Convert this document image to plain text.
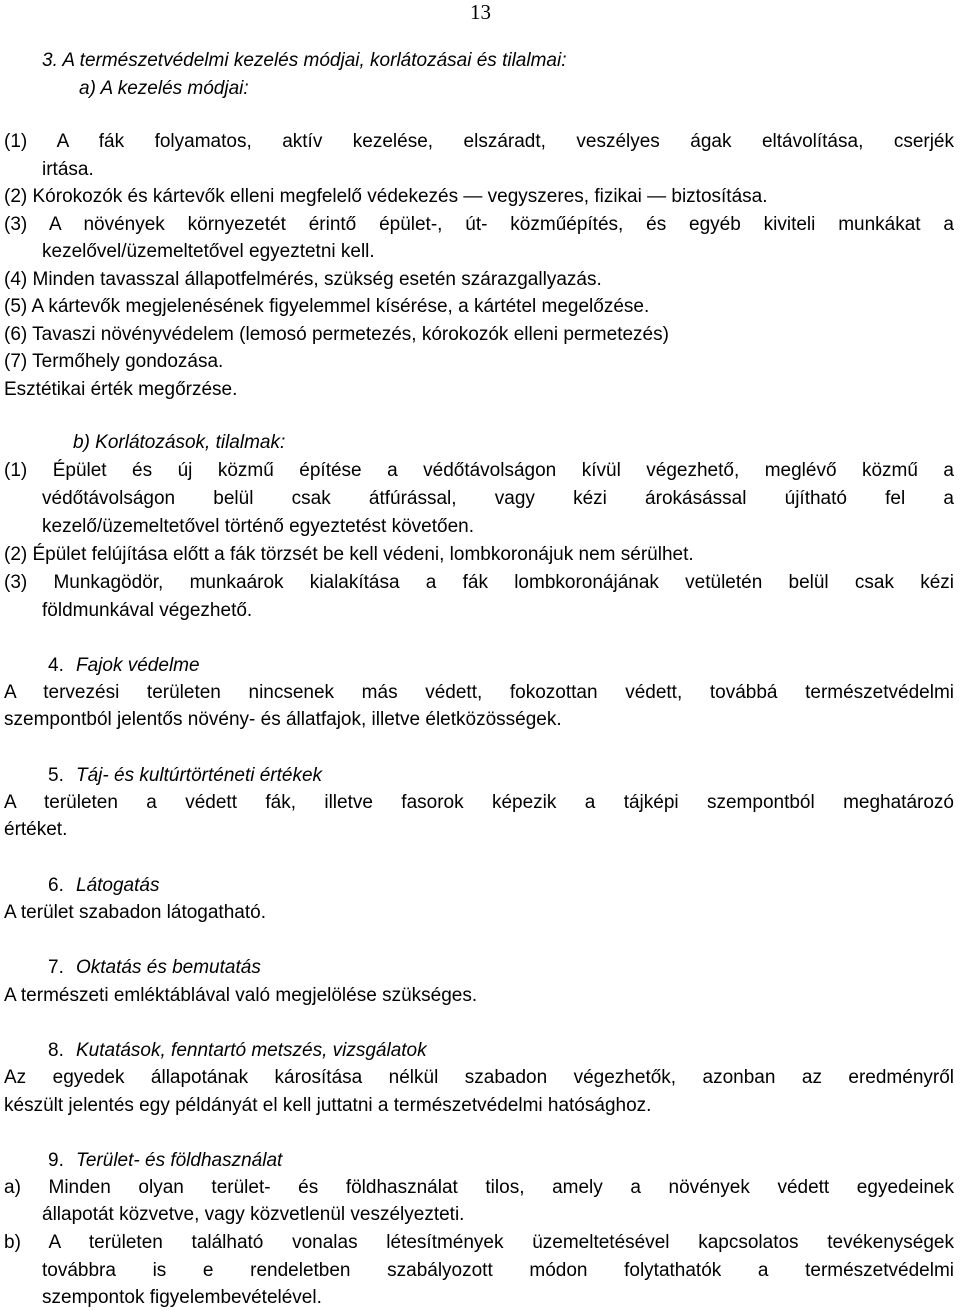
13
3. A természetvédelmi kezelés módjai, korlátozásai és tilalmai:
a) A kezelés módjai:
(1) A fák folyamatos, aktív kezelése, elszáradt, veszélyes ágak eltávolítása, cserjék
irtása.
(2) Kórokozók és kártevők elleni megfelelő védekezés — vegyszeres, fizikai — biztosítása.
(3) A növények környezetét érintő épület-, út- közműépítés, és egyéb kiviteli munkákat a
kezelővel/üzemeltetővel egyeztetni kell.
(4) Minden tavasszal állapotfelmérés, szükség esetén szárazgallyazás.
(5) A kártevők megjelenésének figyelemmel kísérése, a kártétel megelőzése.
(6) Tavaszi növényvédelem (lemosó permetezés, kórokozók elleni permetezés)
(7) Termőhely gondozása.
Esztétikai érték megőrzése.
b) Korlátozások, tilalmak:
(1) Épület és új közmű építése a védőtávolságon kívül végezhető, meglévő közmű a
védőtávolságon belül csak átfúrással, vagy kézi árokásással újítható fel a
kezelő/üzemeltetővel történő egyeztetést követően.
(2) Épület felújítása előtt a fák törzsét be kell védeni, lombkoronájuk nem sérülhet.
(3) Munkagödör, munkaárok kialakítása a fák lombkoronájának vetületén belül csak kézi
földmunkával végezhető.
4. Fajok védelme
A tervezési területen nincsenek más védett, fokozottan védett, továbbá természetvédelmi
szempontból jelentős növény- és állatfajok, illetve életközösségek.
5. Táj- és kultúrtörténeti értékek
A területen a védett fák, illetve fasorok képezik a tájképi szempontból meghatározó
értéket.
6. Látogatás
A terület szabadon látogatható.
7. Oktatás és bemutatás
A természeti emléktáblával való megjelölése szükséges.
8. Kutatások, fenntartó metszés, vizsgálatok
Az egyedek állapotának károsítása nélkül szabadon végezhetők, azonban az eredményről
készült jelentés egy példányát el kell juttatni a természetvédelmi hatósághoz.
9. Terület- és földhasználat
a) Minden olyan terület- és földhasználat tilos, amely a növények védett egyedeinek
állapotát közvetve, vagy közvetlenül veszélyezteti.
b) A területen található vonalas létesítmények üzemeltetésével kapcsolatos tevékenységek
továbbra is e rendeletben szabályozott módon folytathatók a természetvédelmi
szempontok figyelembevételével.
